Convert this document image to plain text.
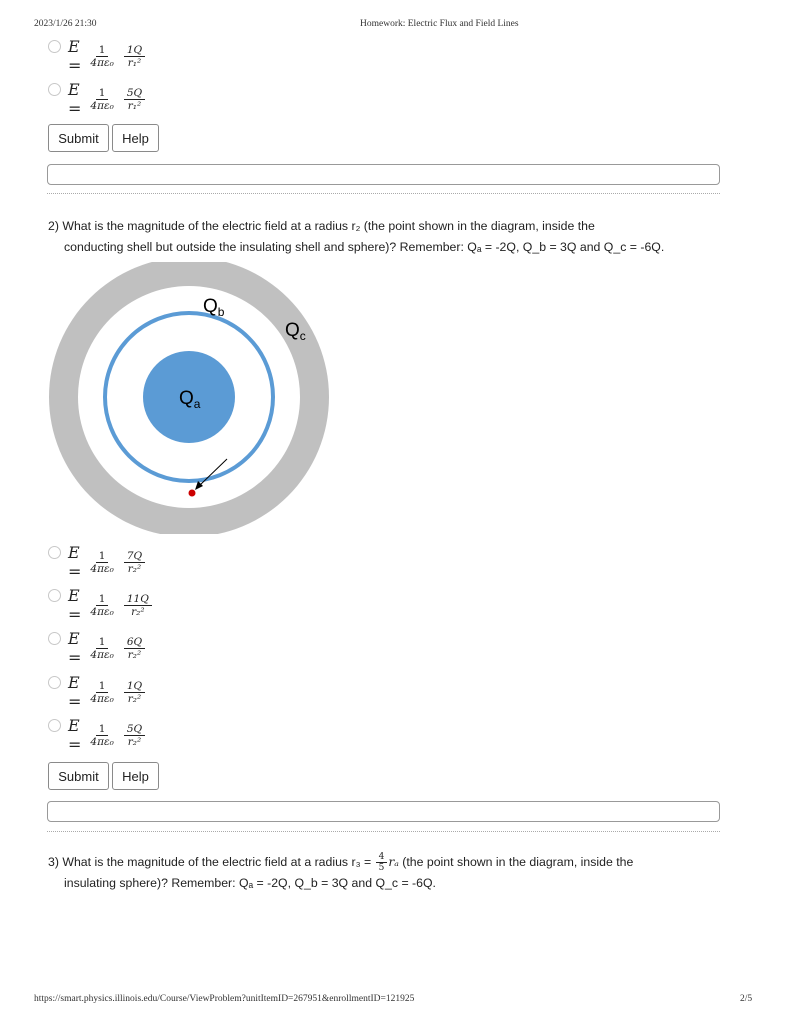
2023/1/26 21:30	Homework: Electric Flux and Field Lines
$E = \frac{1}{\text{4πε₀}} \frac{1Q}{\text{r₁²}}$
$E = \frac{1}{\text{4πε₀}} \frac{5Q}{\text{r₁²}}$
Submit	Help
2) What is the magnitude of the electric field at a radius r₂ (the point shown in the diagram, inside the
conducting shell but outside the insulating shell and sphere)? Remember: Qₐ = -2Q, Q_b = 3Q and Q_c = -6Q.
$Q_a$
$Q_b$
$Q_c$
$E = \frac{1}{\text{4πε₀}} \frac{7Q}{\text{r₂²}}$
$E = \frac{1}{\text{4πε₀}} \frac{11Q}{\text{r₂²}}$
$E = \frac{1}{\text{4πε₀}} \frac{6Q}{\text{r₂²}}$
$E = \frac{1}{\text{4πε₀}} \frac{1Q}{\text{r₂²}}$
$E = \frac{1}{\text{4πε₀}} \frac{5Q}{\text{r₂²}}$
Submit	Help
3) What is the magnitude of the electric field at a radius $r_3 = \frac{4}{5}$ rₐ (the point shown in the diagram, inside the
insulating sphere)? Remember: Qₐ = -2Q, Q_b = 3Q and Q_c = -6Q.
https://smart.physics.illinois.edu/Course/ViewProblem?unitItemID=267951&enrollmentID=121925	2/5
